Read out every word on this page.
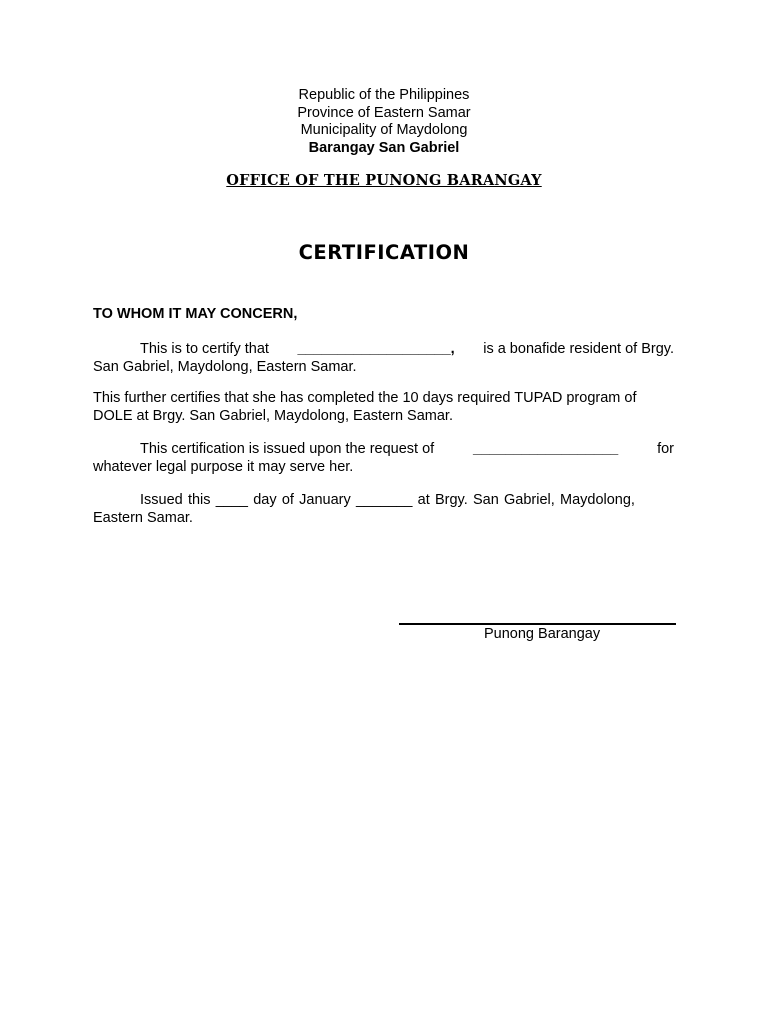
Republic of the Philippines
Province of Eastern Samar
Municipality of Maydolong
Barangay San Gabriel
OFFICE OF THE PUNONG BARANGAY
CERTIFICATION
TO WHOM IT MAY CONCERN,
This is to certify that ___________________, is a bonafide resident of Brgy.
San Gabriel, Maydolong, Eastern Samar.
This further certifies that she has completed the 10 days required TUPAD program of
DOLE at Brgy. San Gabriel, Maydolong, Eastern Samar.
This certification is issued upon the request of	__________________	for
whatever legal purpose it may serve her.
Issued this ____ day of January _______ at Brgy. San Gabriel, Maydolong,
Eastern Samar.
Punong Barangay
